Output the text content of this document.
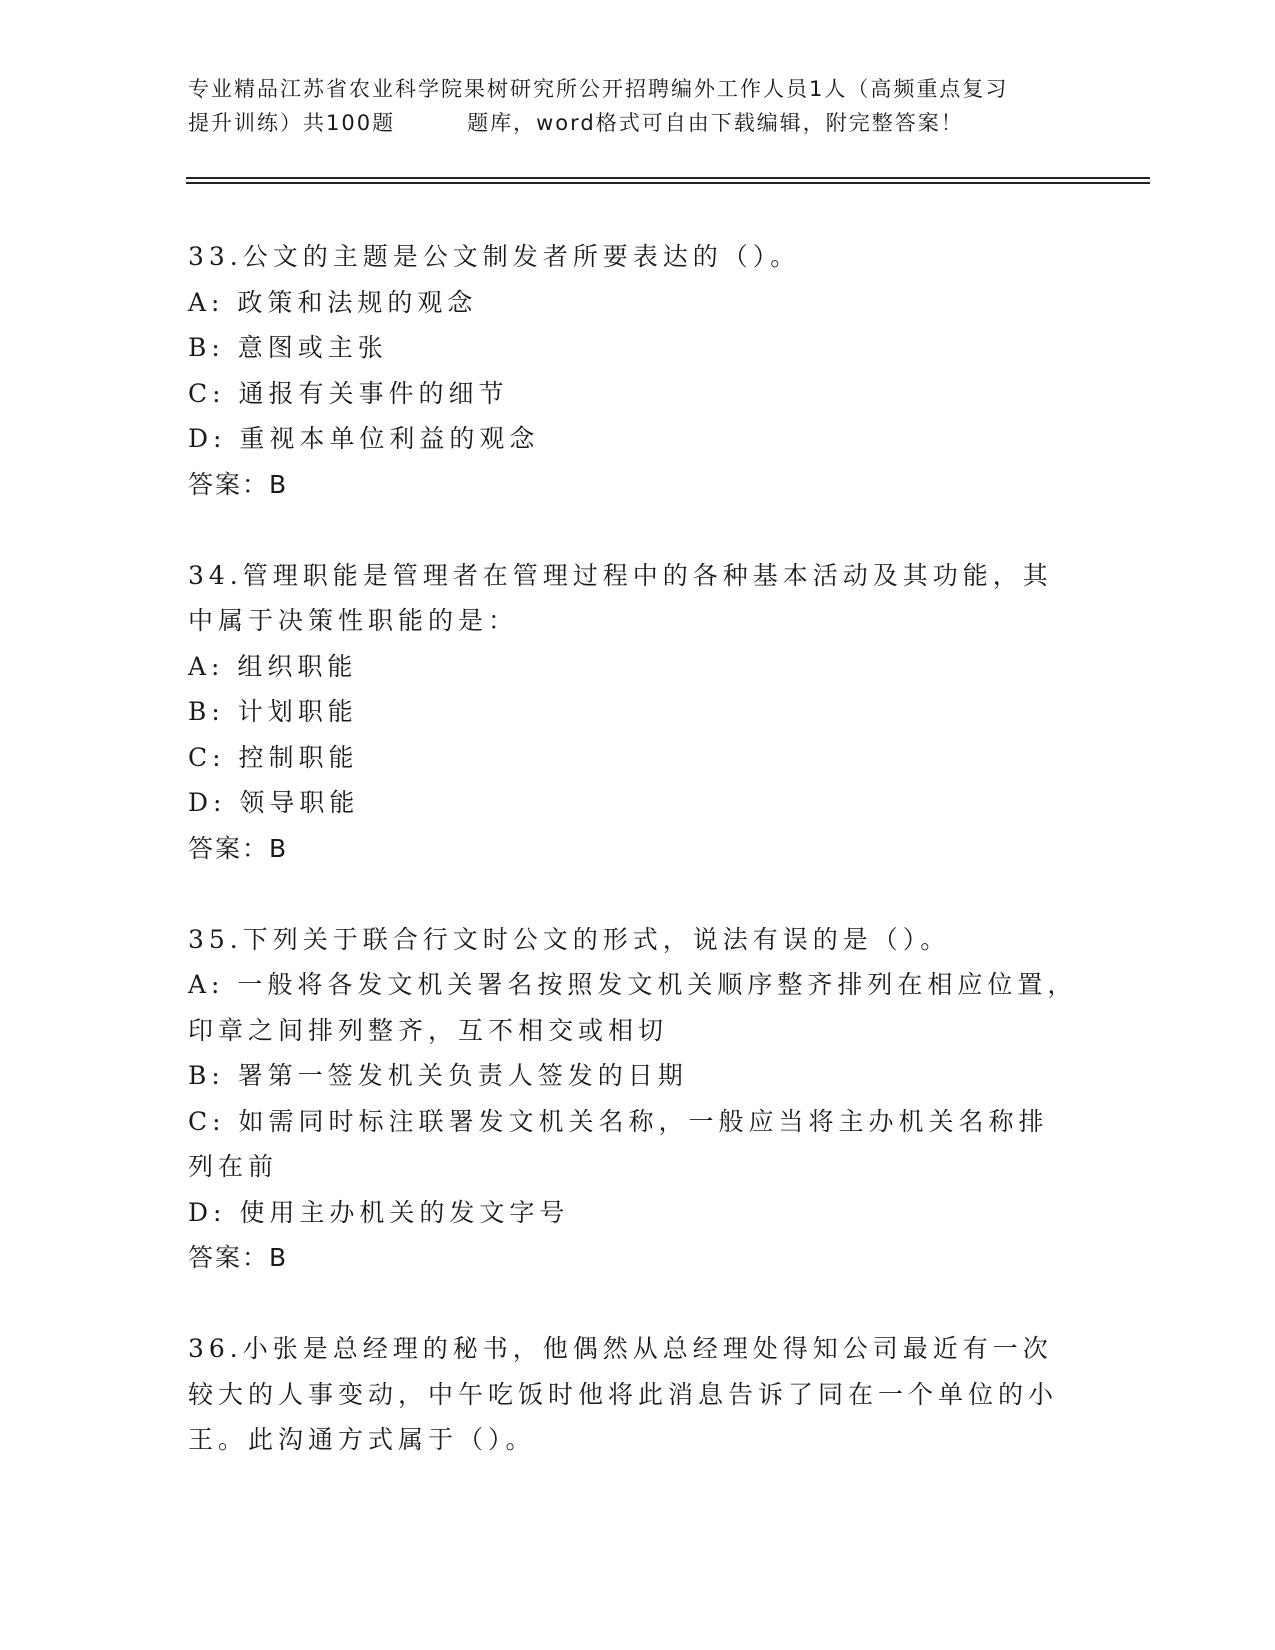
专业精品江苏省农业科学院果树研究所公开招聘编外工作人员1人（高频重点复习
提升训练）共100题	题库，word格式可自由下载编辑，附完整答案！

33.公文的主题是公文制发者所要表达的（）。

A: 政策和法规的观念

B: 意图或主张

C: 通报有关事件的细节

D: 重视本单位利益的观念

答案：B

34.管理职能是管理者在管理过程中的各种基本活动及其功能，其中属于决策性职能的是：

A: 组织职能

B: 计划职能

C: 控制职能

D: 领导职能

答案：B

35.下列关于联合行文时公文的形式，说法有误的是（）。

A: 一般将各发文机关署名按照发文机关顺序整齐排列在相应位置，印章之间排列整齐，互不相交或相切

B: 署第一签发机关负责人签发的日期

C: 如需同时标注联署发文机关名称，一般应当将主办机关名称排列在前

D: 使用主办机关的发文字号

答案：B

36.小张是总经理的秘书，他偶然从总经理处得知公司最近有一次较大的人事变动，中午吃饭时他将此消息告诉了同在一个单位的小王。此沟通方式属于（）。
